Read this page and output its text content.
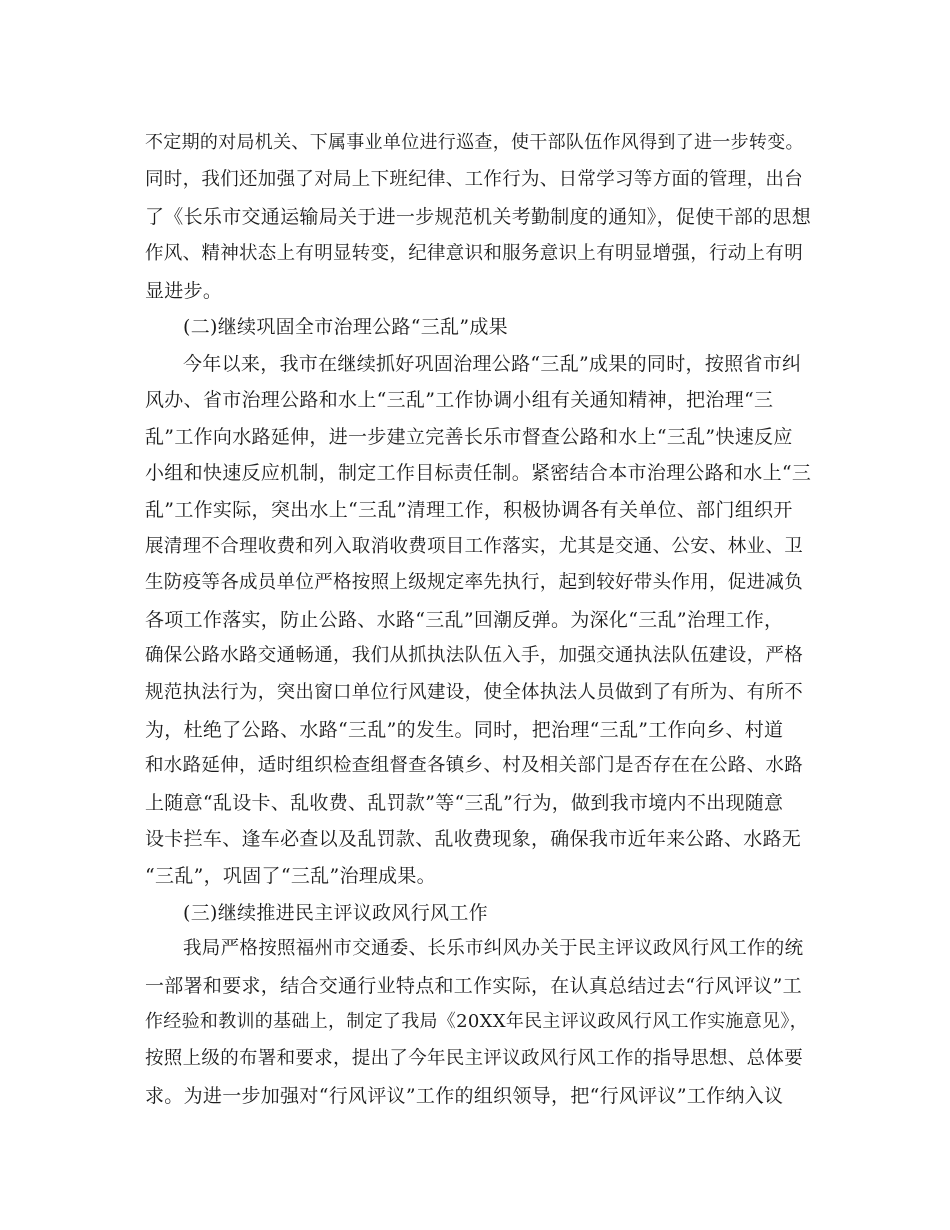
不定期的对局机关、下属事业单位进行巡查，使干部队伍作风得到了进一步转变。
同时，我们还加强了对局上下班纪律、工作行为、日常学习等方面的管理，出台
了《长乐市交通运输局关于进一步规范机关考勤制度的通知》，促使干部的思想
作风、精神状态上有明显转变，纪律意识和服务意识上有明显增强，行动上有明
显进步。
(二)继续巩固全市治理公路“三乱”成果
今年以来，我市在继续抓好巩固治理公路“三乱”成果的同时，按照省市纠
风办、省市治理公路和水上“三乱”工作协调小组有关通知精神，把治理“三
乱”工作向水路延伸，进一步建立完善长乐市督查公路和水上“三乱”快速反应
小组和快速反应机制，制定工作目标责任制。紧密结合本市治理公路和水上“三
乱”工作实际，突出水上“三乱”清理工作，积极协调各有关单位、部门组织开
展清理不合理收费和列入取消收费项目工作落实，尤其是交通、公安、林业、卫
生防疫等各成员单位严格按照上级规定率先执行，起到较好带头作用，促进减负
各项工作落实，防止公路、水路“三乱”回潮反弹。为深化“三乱”治理工作，
确保公路水路交通畅通，我们从抓执法队伍入手，加强交通执法队伍建设，严格
规范执法行为，突出窗口单位行风建设，使全体执法人员做到了有所为、有所不
为，杜绝了公路、水路“三乱”的发生。同时，把治理“三乱”工作向乡、村道
和水路延伸，适时组织检查组督查各镇乡、村及相关部门是否存在在公路、水路
上随意“乱设卡、乱收费、乱罚款”等“三乱”行为，做到我市境内不出现随意
设卡拦车、逢车必查以及乱罚款、乱收费现象，确保我市近年来公路、水路无
“三乱”，巩固了“三乱”治理成果。
(三)继续推进民主评议政风行风工作
我局严格按照福州市交通委、长乐市纠风办关于民主评议政风行风工作的统
一部署和要求，结合交通行业特点和工作实际，在认真总结过去“行风评议”工
作经验和教训的基础上，制定了我局《20XX年民主评议政风行风工作实施意见》，
按照上级的布署和要求，提出了今年民主评议政风行风工作的指导思想、总体要
求。为进一步加强对“行风评议”工作的组织领导，把“行风评议”工作纳入议
